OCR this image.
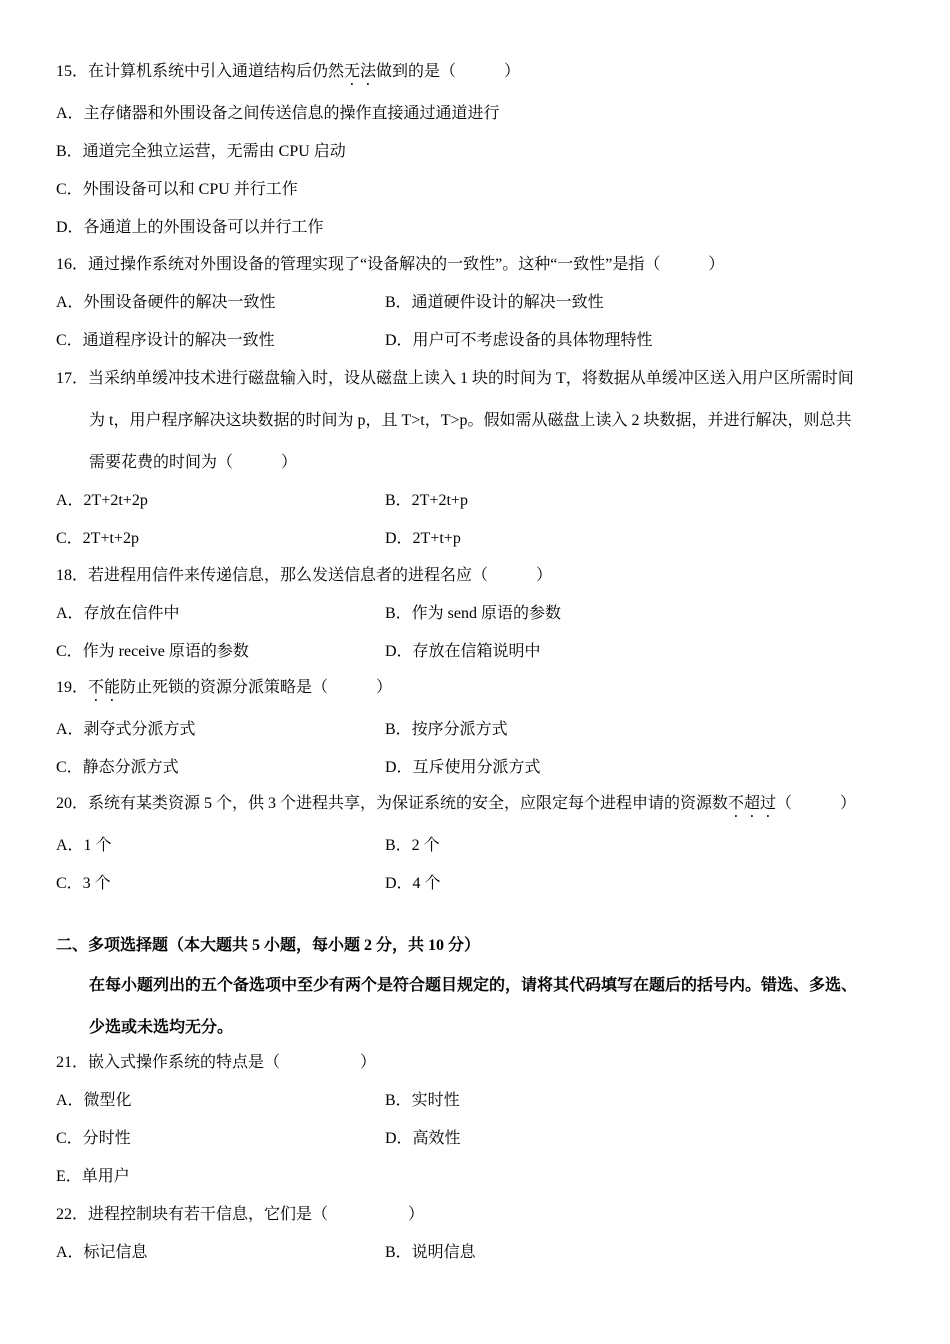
15．在计算机系统中引入通道结构后仍然无法做到的是（　　　）
A．主存储器和外围设备之间传送信息的操作直接通过通道进行
B．通道完全独立运营，无需由 CPU 启动
C．外围设备可以和 CPU 并行工作
D．各通道上的外围设备可以并行工作
16．通过操作系统对外围设备的管理实现了“设备解决的一致性”。这种“一致性”是指（　　　）
A．外围设备硬件的解决一致性	B．通道硬件设计的解决一致性
C．通道程序设计的解决一致性	D．用户可不考虑设备的具体物理特性
17．当采纳单缓冲技术进行磁盘输入时，设从磁盘上读入 1 块的时间为 T，将数据从单缓冲区送入用户区所需时间
为 t，用户程序解决这块数据的时间为 p，且 T>t，T>p。假如需从磁盘上读入 2 块数据，并进行解决，则总共
需要花费的时间为（　　　）
A．2T+2t+2p	B．2T+2t+p
C．2T+t+2p	D．2T+t+p
18．若进程用信件来传递信息，那么发送信息者的进程名应（　　　）
A．存放在信件中	B．作为 send 原语的参数
C．作为 receive 原语的参数	D．存放在信箱说明中
19．不能防止死锁的资源分派策略是（　　　）
A．剥夺式分派方式	B．按序分派方式
C．静态分派方式	D．互斥使用分派方式
20．系统有某类资源 5 个，供 3 个进程共享，为保证系统的安全，应限定每个进程申请的资源数不超过（　　　）
A．1 个	B．2 个
C．3 个	D．4 个
二、多项选择题（本大题共 5 小题，每小题 2 分，共 10 分）
在每小题列出的五个备选项中至少有两个是符合题目规定的，请将其代码填写在题后的括号内。错选、多选、
少选或未选均无分。
21．嵌入式操作系统的特点是（　　　　　）
A．微型化	B．实时性
C．分时性	D．高效性
E．单用户
22．进程控制块有若干信息，它们是（　　　　　）
A．标记信息	B．说明信息
